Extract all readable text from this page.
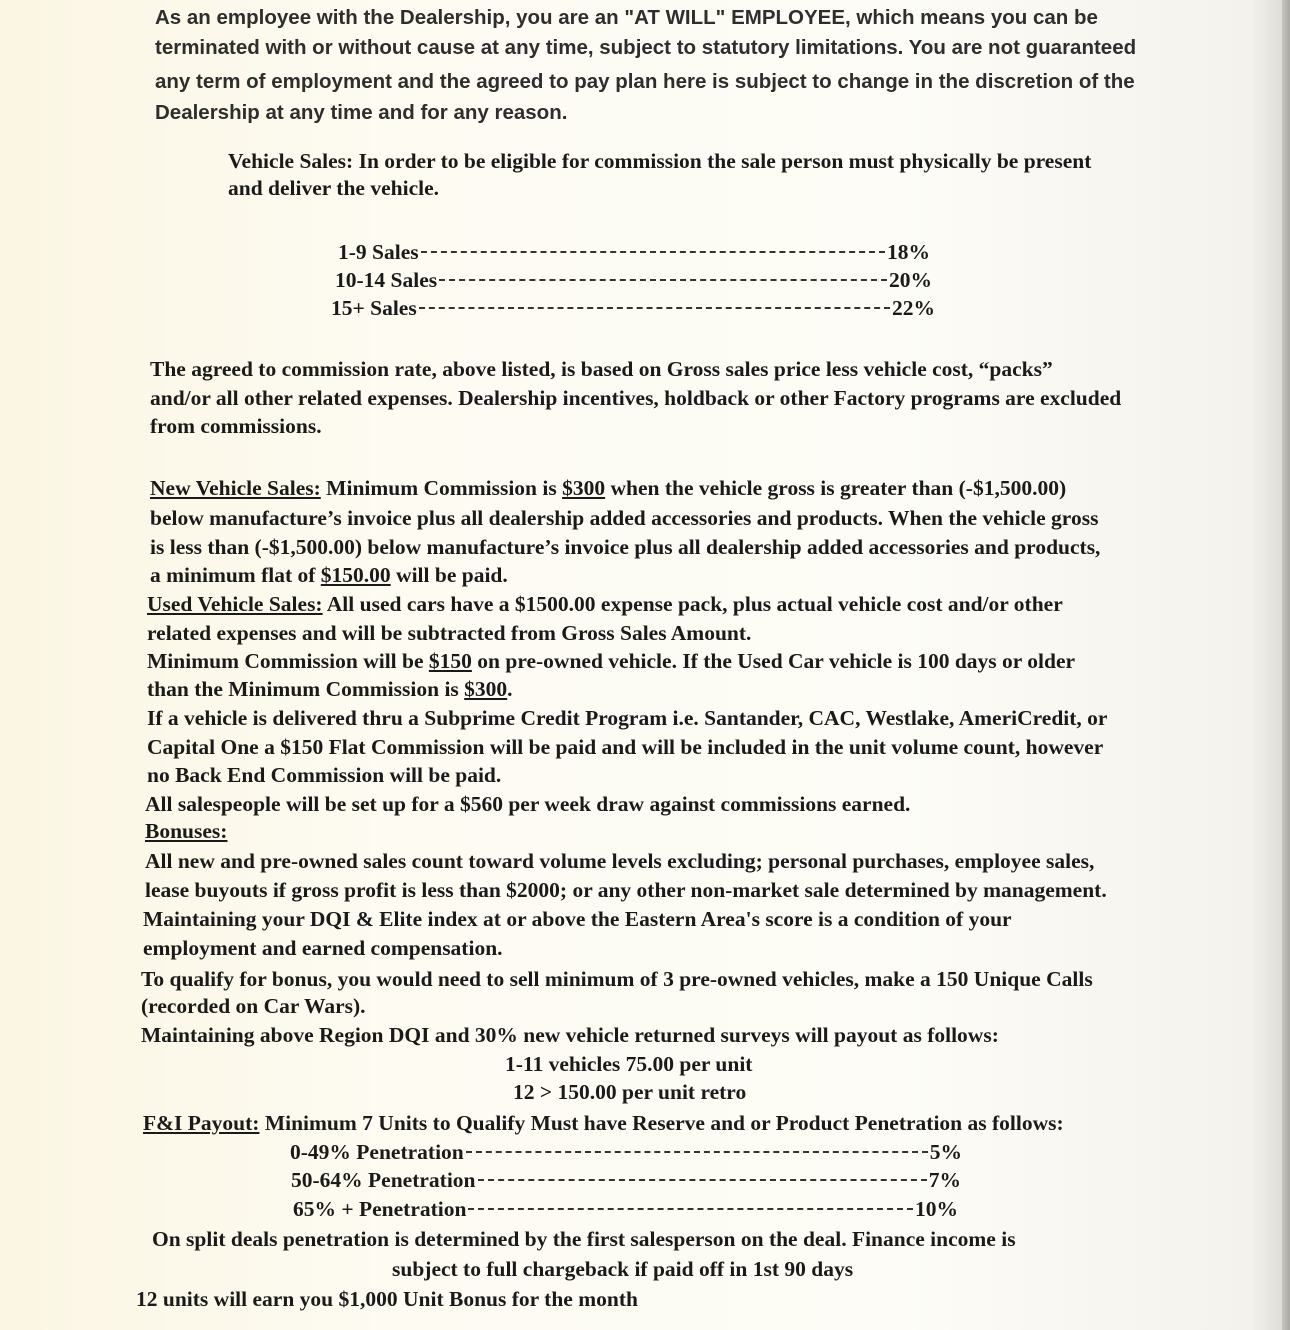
As an employee with the Dealership, you are an "AT WILL" EMPLOYEE, which means you can be
terminated with or without cause at any time, subject to statutory limitations. You are not guaranteed
any term of employment and the agreed to pay plan here is subject to change in the discretion of the
Dealership at any time and for any reason.
Vehicle Sales: In order to be eligible for commission the sale person must physically be present
and deliver the vehicle.
1-9 Sales	18%
10-14 Sales	20%
15+ Sales	22%
The agreed to commission rate, above listed, is based on Gross sales price less vehicle cost, “packs”
and/or all other related expenses. Dealership incentives, holdback or other Factory programs are excluded
from commissions.
New Vehicle Sales: Minimum Commission is $300 when the vehicle gross is greater than (-$1,500.00)
below manufacture’s invoice plus all dealership added accessories and products. When the vehicle gross
is less than (-$1,500.00) below manufacture’s invoice plus all dealership added accessories and products,
a minimum flat of $150.00 will be paid.
Used Vehicle Sales: All used cars have a $1500.00 expense pack, plus actual vehicle cost and/or other
related expenses and will be subtracted from Gross Sales Amount.
Minimum Commission will be $150 on pre-owned vehicle. If the Used Car vehicle is 100 days or older
than the Minimum Commission is $300.
If a vehicle is delivered thru a Subprime Credit Program i.e. Santander, CAC, Westlake, AmeriCredit, or
Capital One a $150 Flat Commission will be paid and will be included in the unit volume count, however
no Back End Commission will be paid.
All salespeople will be set up for a $560 per week draw against commissions earned.
Bonuses:
All new and pre-owned sales count toward volume levels excluding; personal purchases, employee sales,
lease buyouts if gross profit is less than $2000; or any other non-market sale determined by management.
Maintaining your DQI & Elite index at or above the Eastern Area's score is a condition of your
employment and earned compensation.
To qualify for bonus, you would need to sell minimum of 3 pre-owned vehicles, make a 150 Unique Calls
(recorded on Car Wars).
Maintaining above Region DQI and 30% new vehicle returned surveys will payout as follows:
1-11 vehicles 75.00 per unit
12 > 150.00 per unit retro
F&I Payout: Minimum 7 Units to Qualify Must have Reserve and or Product Penetration as follows:
0-49% Penetration	5%
50-64% Penetration	7%
65% + Penetration	10%
On split deals penetration is determined by the first salesperson on the deal. Finance income is
subject to full chargeback if paid off in 1st 90 days
12 units will earn you $1,000 Unit Bonus for the month
